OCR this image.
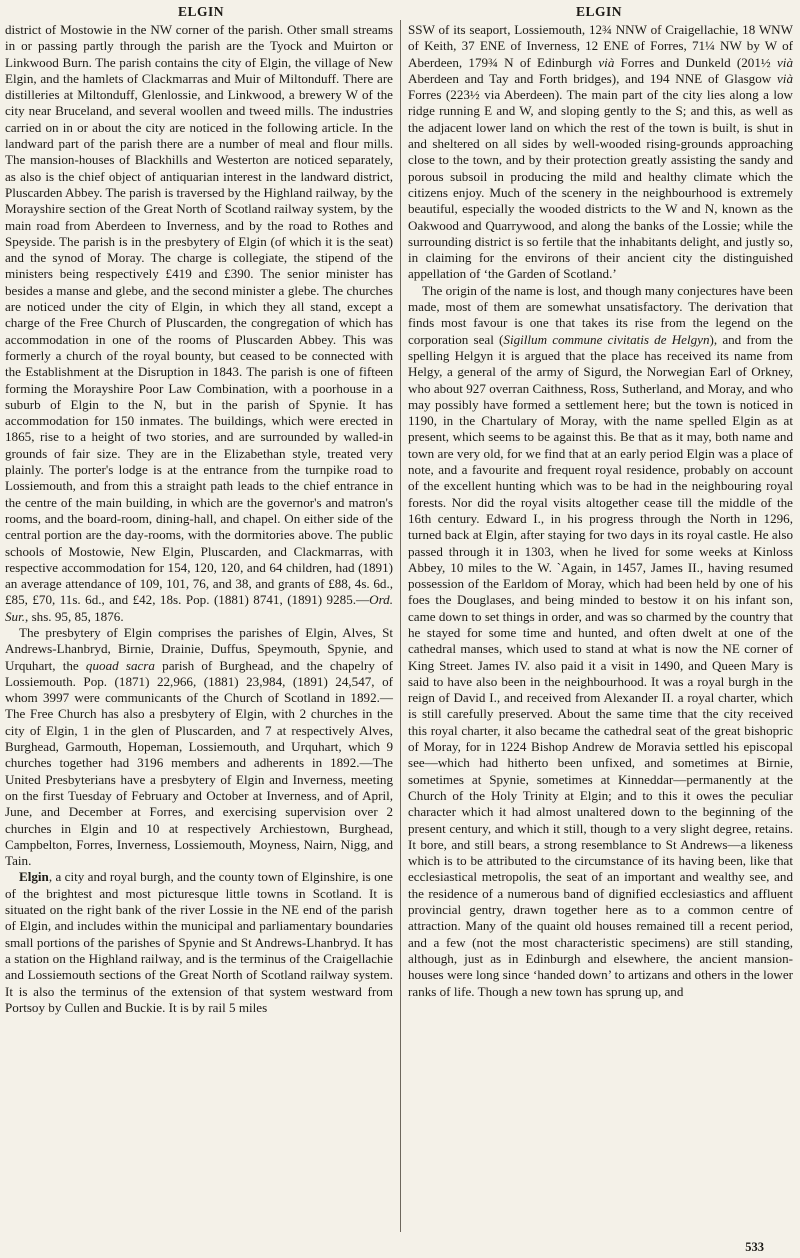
ELGIN	ELGIN

district of Mostowie in the NW corner of the parish. Other small streams in or passing partly through the parish are the Tyock and Muirton or Linkwood Burn. The parish contains the city of Elgin, the village of New Elgin, and the hamlets of Clackmarras and Muir of Miltonduff. There are distilleries at Miltonduff, Glenlossie, and Linkwood, a brewery W of the city near Bruceland, and several woollen and tweed mills. The industries carried on in or about the city are noticed in the following article. In the landward part of the parish there are a number of meal and flour mills. The mansion-houses of Blackhills and Westerton are noticed separately, as also is the chief object of antiquarian interest in the landward district, Pluscarden Abbey. The parish is traversed by the Highland railway, by the Morayshire section of the Great North of Scotland railway system, by the main road from Aberdeen to Inverness, and by the road to Rothes and Speyside. The parish is in the presbytery of Elgin (of which it is the seat) and the synod of Moray. The charge is collegiate, the stipend of the ministers being respectively £419 and £390. The senior minister has besides a manse and glebe, and the second minister a glebe. The churches are noticed under the city of Elgin, in which they all stand, except a charge of the Free Church of Pluscarden, the congregation of which has accommodation in one of the rooms of Pluscarden Abbey. This was formerly a church of the royal bounty, but ceased to be connected with the Establishment at the Disruption in 1843. The parish is one of fifteen forming the Morayshire Poor Law Combination, with a poorhouse in a suburb of Elgin to the N, but in the parish of Spynie. It has accommodation for 150 inmates. The buildings, which were erected in 1865, rise to a height of two stories, and are surrounded by walled-in grounds of fair size. They are in the Elizabethan style, treated very plainly. The porter's lodge is at the entrance from the turnpike road to Lossiemouth, and from this a straight path leads to the chief entrance in the centre of the main building, in which are the governor's and matron's rooms, and the board-room, dining-hall, and chapel. On either side of the central portion are the day-rooms, with the dormitories above. The public schools of Mostowie, New Elgin, Pluscarden, and Clackmarras, with respective accommodation for 154, 120, 120, and 64 children, had (1891) an average attendance of 109, 101, 76, and 38, and grants of £88, 4s. 6d., £85, £70, 11s. 6d., and £42, 18s. Pop. (1881) 8741, (1891) 9285.—Ord. Sur., shs. 95, 85, 1876.

The presbytery of Elgin comprises the parishes of Elgin, Alves, St Andrews-Lhanbryd, Birnie, Drainie, Duffus, Speymouth, Spynie, and Urquhart, the quoad sacra parish of Burghead, and the chapelry of Lossiemouth. Pop. (1871) 22,966, (1881) 23,984, (1891) 24,547, of whom 3997 were communicants of the Church of Scotland in 1892.—The Free Church has also a presbytery of Elgin, with 2 churches in the city of Elgin, 1 in the glen of Pluscarden, and 7 at respectively Alves, Burghead, Garmouth, Hopeman, Lossiemouth, and Urquhart, which 9 churches together had 3196 members and adherents in 1892.—The United Presbyterians have a presbytery of Elgin and Inverness, meeting on the first Tuesday of February and October at Inverness, and of April, June, and December at Forres, and exercising supervision over 2 churches in Elgin and 10 at respectively Archiestown, Burghead, Campbelton, Forres, Inverness, Lossiemouth, Moyness, Nairn, Nigg, and Tain.

Elgin, a city and royal burgh, and the county town of Elginshire, is one of the brightest and most picturesque little towns in Scotland. It is situated on the right bank of the river Lossie in the NE end of the parish of Elgin, and includes within the municipal and parliamentary boundaries small portions of the parishes of Spynie and St Andrews-Lhanbryd. It has a station on the Highland railway, and is the terminus of the Craigellachie and Lossiemouth sections of the Great North of Scotland railway system. It is also the terminus of the extension of that system westward from Portsoy by Cullen and Buckie. It is by rail 5 miles

SSW of its seaport, Lossiemouth, 12¾ NNW of Craigellachie, 18 WNW of Keith, 37 ENE of Inverness, 12 ENE of Forres, 71¼ NW by W of Aberdeen, 179¾ N of Edinburgh vià Forres and Dunkeld (201½ vià Aberdeen and Tay and Forth bridges), and 194 NNE of Glasgow vià Forres (223½ via Aberdeen). The main part of the city lies along a low ridge running E and W, and sloping gently to the S; and this, as well as the adjacent lower land on which the rest of the town is built, is shut in and sheltered on all sides by well-wooded rising-grounds approaching close to the town, and by their protection greatly assisting the sandy and porous subsoil in producing the mild and healthy climate which the citizens enjoy. Much of the scenery in the neighbourhood is extremely beautiful, especially the wooded districts to the W and N, known as the Oakwood and Quarrywood, and along the banks of the Lossie; while the surrounding district is so fertile that the inhabitants delight, and justly so, in claiming for the environs of their ancient city the distinguished appellation of ‘the Garden of Scotland.’

The origin of the name is lost, and though many conjectures have been made, most of them are somewhat unsatisfactory. The derivation that finds most favour is one that takes its rise from the legend on the corporation seal (Sigillum commune civitatis de Helgyn), and from the spelling Helgyn it is argued that the place has received its name from Helgy, a general of the army of Sigurd, the Norwegian Earl of Orkney, who about 927 overran Caithness, Ross, Sutherland, and Moray, and who may possibly have formed a settlement here; but the town is noticed in 1190, in the Chartulary of Moray, with the name spelled Elgin as at present, which seems to be against this. Be that as it may, both name and town are very old, for we find that at an early period Elgin was a place of note, and a favourite and frequent royal residence, probably on account of the excellent hunting which was to be had in the neighbouring royal forests. Nor did the royal visits altogether cease till the middle of the 16th century. Edward I., in his progress through the North in 1296, turned back at Elgin, after staying for two days in its royal castle. He also passed through it in 1303, when he lived for some weeks at Kinloss Abbey, 10 miles to the W. `Again, in 1457, James II., having resumed possession of the Earldom of Moray, which had been held by one of his foes the Douglases, and being minded to bestow it on his infant son, came down to set things in order, and was so charmed by the country that he stayed for some time and hunted, and often dwelt at one of the cathedral manses, which used to stand at what is now the NE corner of King Street. James IV. also paid it a visit in 1490, and Queen Mary is said to have also been in the neighbourhood. It was a royal burgh in the reign of David I., and received from Alexander II. a royal charter, which is still carefully preserved. About the same time that the city received this royal charter, it also became the cathedral seat of the great bishopric of Moray, for in 1224 Bishop Andrew de Moravia settled his episcopal see—which had hitherto been unfixed, and sometimes at Birnie, sometimes at Spynie, sometimes at Kinneddar—permanently at the Church of the Holy Trinity at Elgin; and to this it owes the peculiar character which it had almost unaltered down to the beginning of the present century, and which it still, though to a very slight degree, retains. It bore, and still bears, a strong resemblance to St Andrews—a likeness which is to be attributed to the circumstance of its having been, like that ecclesiastical metropolis, the seat of an important and wealthy see, and the residence of a numerous band of dignified ecclesiastics and affluent provincial gentry, drawn together here as to a common centre of attraction. Many of the quaint old houses remained till a recent period, and a few (not the most characteristic specimens) are still standing, although, just as in Edinburgh and elsewhere, the ancient mansion-houses were long since ‘handed down’ to artizans and others in the lower ranks of life. Though a new town has sprung up, and

533
